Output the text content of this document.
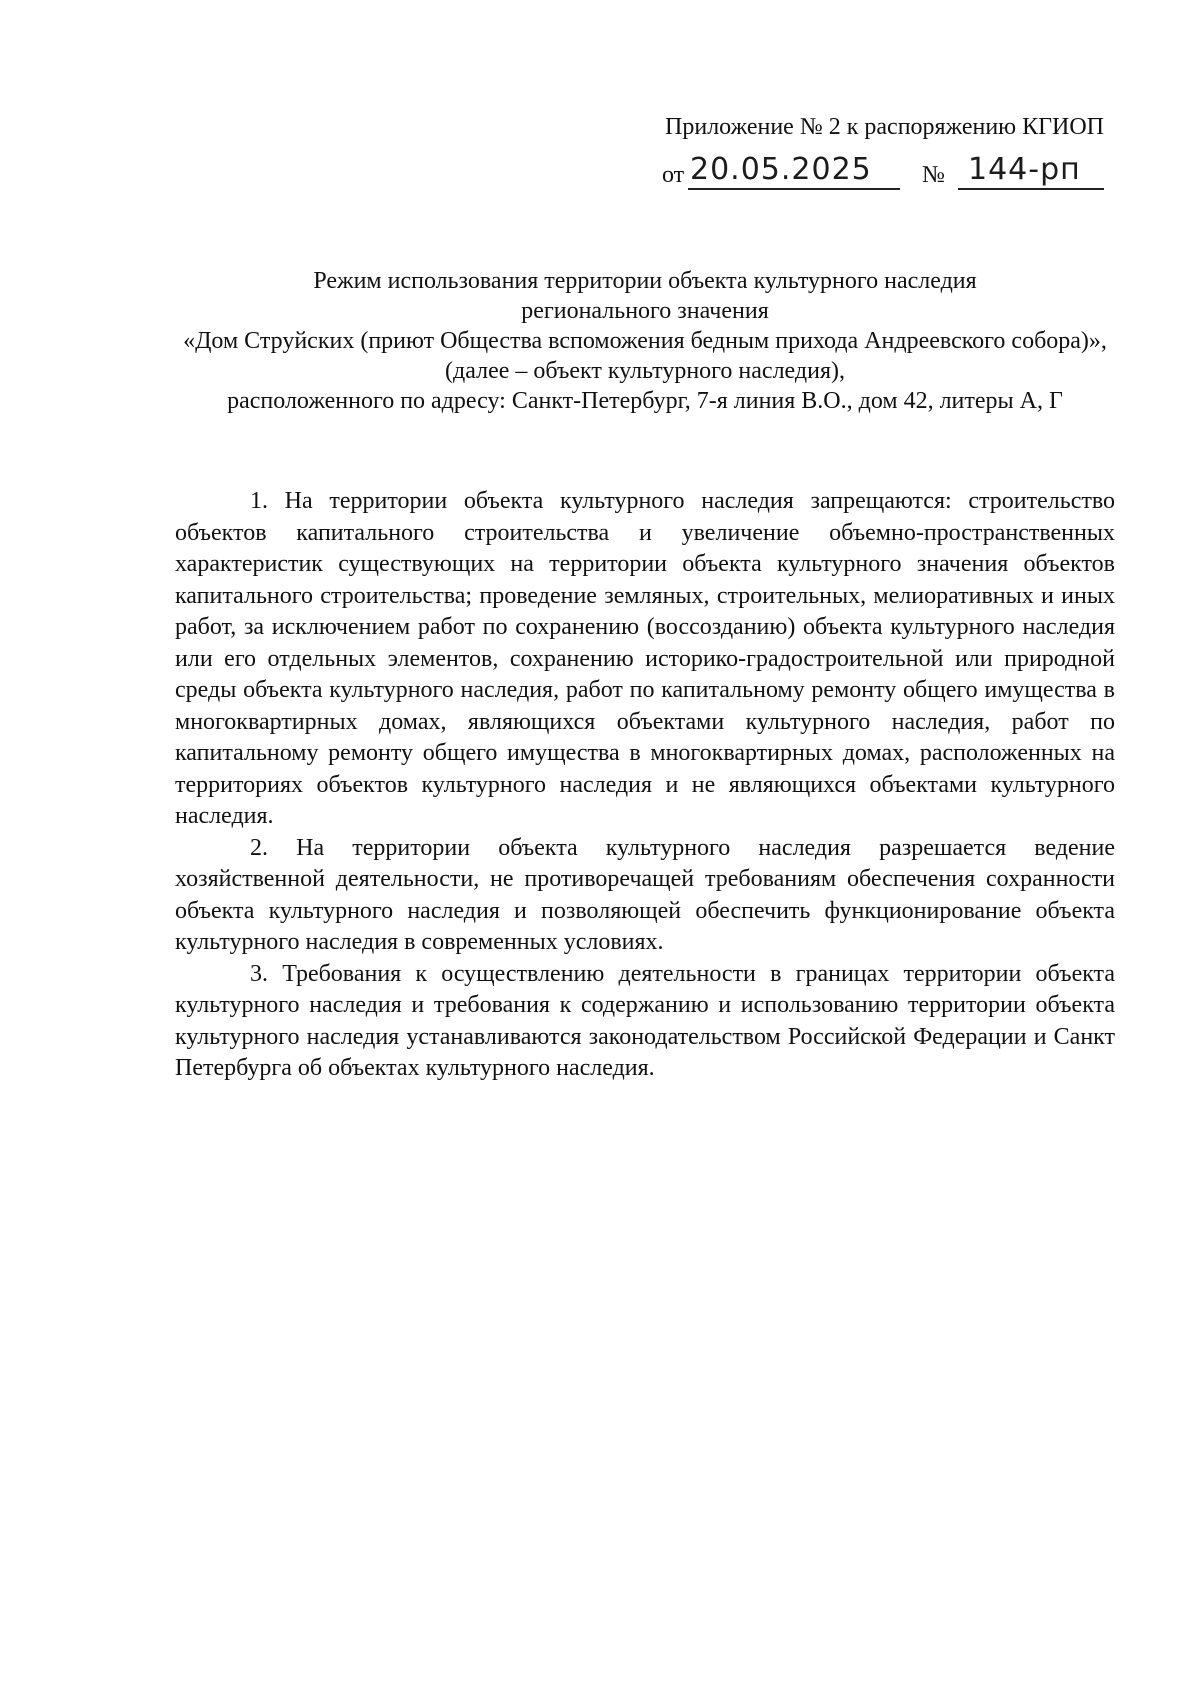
Приложение № 2 к распоряжению КГИОП
от 20.05.2025 № 144-рп
Режим использования территории объекта культурного наследия
регионального значения
«Дом Струйских (приют Общества вспоможения бедным прихода Андреевского собора)»,
(далее – объект культурного наследия),
расположенного по адресу: Санкт-Петербург, 7-я линия В.О., дом 42, литеры А, Г

1. На территории объекта культурного наследия запрещаются: строительство объектов капитального строительства и увеличение объемно-пространственных характеристик существующих на территории объекта культурного значения объектов капитального строительства; проведение земляных, строительных, мелиоративных и иных работ, за исключением работ по сохранению (воссозданию) объекта культурного наследия или его отдельных элементов, сохранению историко-градостроительной или природной среды объекта культурного наследия, работ по капитальному ремонту общего имущества в многоквартирных домах, являющихся объектами культурного наследия, работ по капитальному ремонту общего имущества в многоквартирных домах, расположенных на территориях объектов культурного наследия и не являющихся объектами культурного наследия.

2. На территории объекта культурного наследия разрешается ведение хозяйственной деятельности, не противоречащей требованиям обеспечения сохранности объекта культурного наследия и позволяющей обеспечить функционирование объекта культурного наследия в современных условиях.

3. Требования к осуществлению деятельности в границах территории объекта культурного наследия и требования к содержанию и использованию территории объекта культурного наследия устанавливаются законодательством Российской Федерации и Санкт Петербурга об объектах культурного наследия.
